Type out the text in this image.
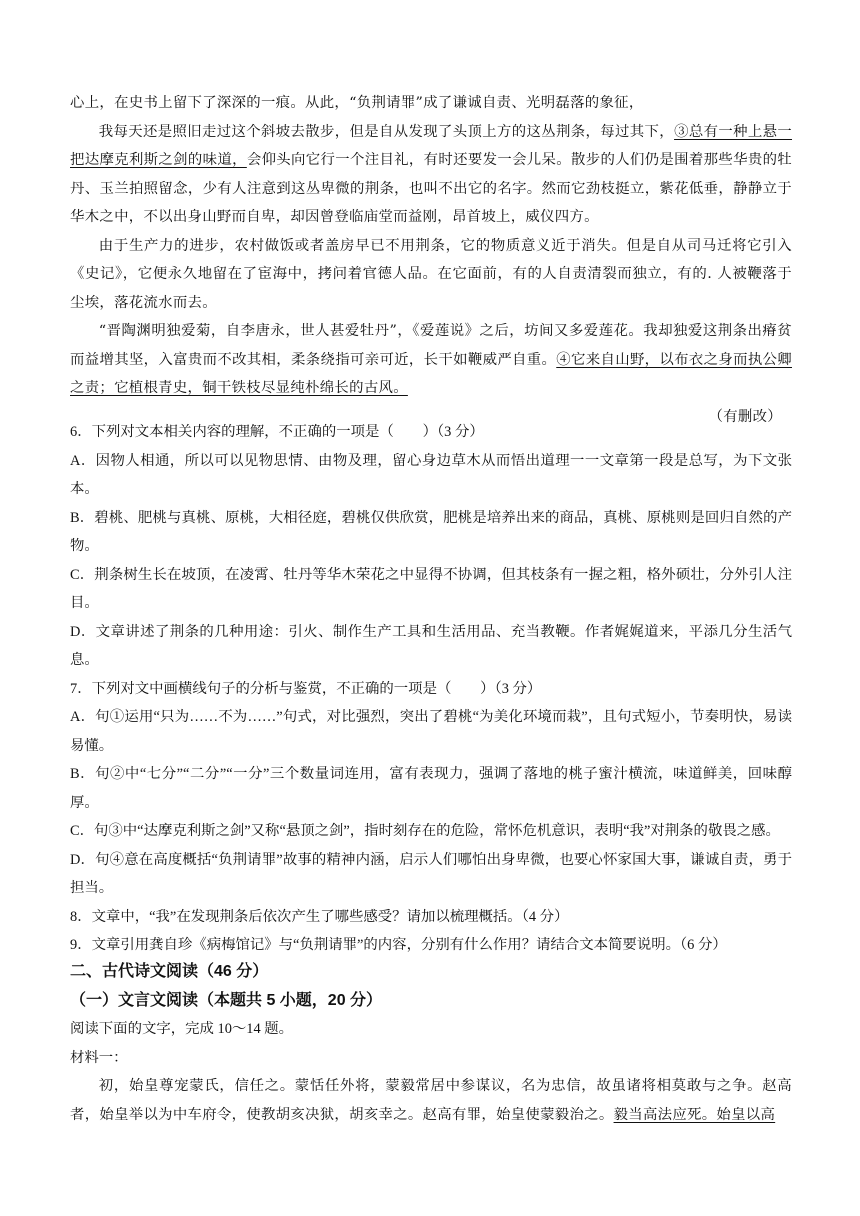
心上，在史书上留下了深深的一痕。从此，“负荆请罪”成了谦诚自责、光明磊落的象征，

我每天还是照旧走过这个斜坡去散步，但是自从发现了头顶上方的这丛荆条，每过其下，③总有一种上悬一把达摩克利斯之剑的味道，会仰头向它行一个注目礼，有时还要发一会儿呆。散步的人们仍是围着那些华贵的牡丹、玉兰拍照留念，少有人注意到这丛卑微的荆条，也叫不出它的名字。然而它劲枝挺立，紫花低垂，静静立于华木之中，不以出身山野而自卑，却因曾登临庙堂而益刚，昂首坡上，威仪四方。

由于生产力的进步，农村做饭或者盖房早已不用荆条，它的物质意义近于消失。但是自从司马迁将它引入《史记》，它便永久地留在了宦海中，拷问着官德人品。在它面前，有的人自责清裂而独立，有的. 人被鞭落于尘埃，落花流水而去。

“晋陶渊明独爱菊，自李唐永，世人甚爱牡丹”，《爱莲说》之后，坊间又多爱莲花。我却独爱这荆条出瘠贫而益增其坚，入富贵而不改其相，柔条绕指可亲可近，长干如鞭威严自重。④它来自山野，以布衣之身而执公卿之责；它植根青史，铜干铁枝尽显纯朴绵长的古风。

（有删改）

6．下列对文本相关内容的理解，不正确的一项是（　　）（3 分）

A．因物人相通，所以可以见物思情、由物及理，留心身边草木从而悟出道理一一文章第一段是总写，为下文张本。

B．碧桃、肥桃与真桃、原桃，大相径庭，碧桃仅供欣赏，肥桃是培养出来的商品，真桃、原桃则是回归自然的产物。

C．荆条树生长在坡顶，在凌霄、牡丹等华木荣花之中显得不协调，但其枝条有一握之粗，格外硕壮，分外引人注目。

D．文章讲述了荆条的几种用途：引火、制作生产工具和生活用品、充当教鞭。作者娓娓道来，平添几分生活气息。

7．下列对文中画横线句子的分析与鉴赏，不正确的一项是（　　）（3 分）

A．句①运用“只为……不为……”句式，对比强烈，突出了碧桃“为美化环境而栽”，且句式短小，节奏明快，易读易懂。

B．句②中“七分”“二分”“一分”三个数量词连用，富有表现力，强调了落地的桃子蜜汁横流，味道鲜美，回味醇厚。

C．句③中“达摩克利斯之剑”又称“悬顶之剑”，指时刻存在的危险，常怀危机意识，表明“我”对荆条的敬畏之感。

D．句④意在高度概括“负荆请罪”故事的精神内涵，启示人们哪怕出身卑微，也要心怀家国大事，谦诚自责，勇于担当。

8．文章中，“我”在发现荆条后依次产生了哪些感受？请加以梳理概括。（4 分）

9．文章引用龚自珍《病梅馆记》与“负荆请罪”的内容，分别有什么作用？请结合文本简要说明。（6 分）

二、古代诗文阅读（46 分）

（一）文言文阅读（本题共 5 小题，20 分）

阅读下面的文字，完成 10～14 题。

材料一：

初，始皇尊宠蒙氏，信任之。蒙恬任外将，蒙毅常居中参谋议，名为忠信，故虽诸将相莫敢与之争。赵高者，始皇举以为中车府令，使教胡亥决狱，胡亥幸之。赵高有罪，始皇使蒙毅治之。毅当高法应死。始皇以高
